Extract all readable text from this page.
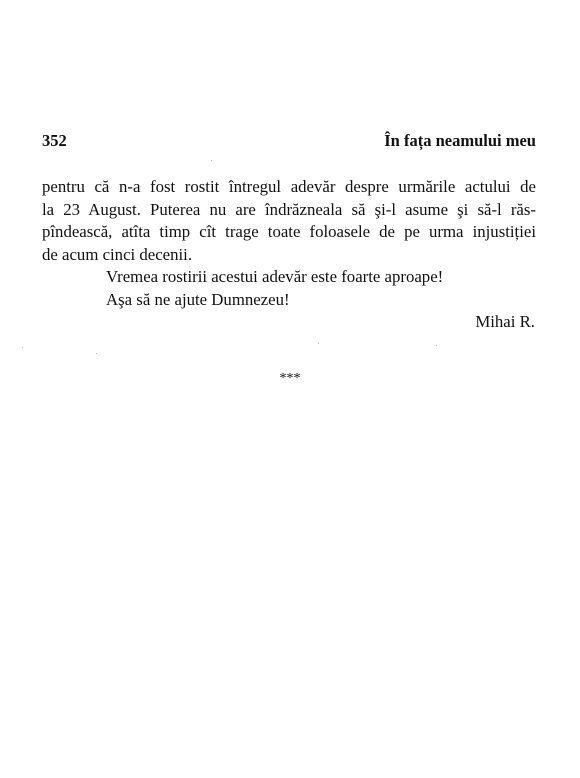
352	În fața neamului meu
pentru că n-a fost rostit întregul adevăr despre urmările actului de
la 23 August. Puterea nu are îndrăzneala să şi-l asume şi să-l răs-
pîndească, atîta timp cît trage toate foloasele de pe urma injustiției
de acum cinci decenii.
Vremea rostirii acestui adevăr este foarte aproape!
Aşa să ne ajute Dumnezeu!
Mihai R.
***
